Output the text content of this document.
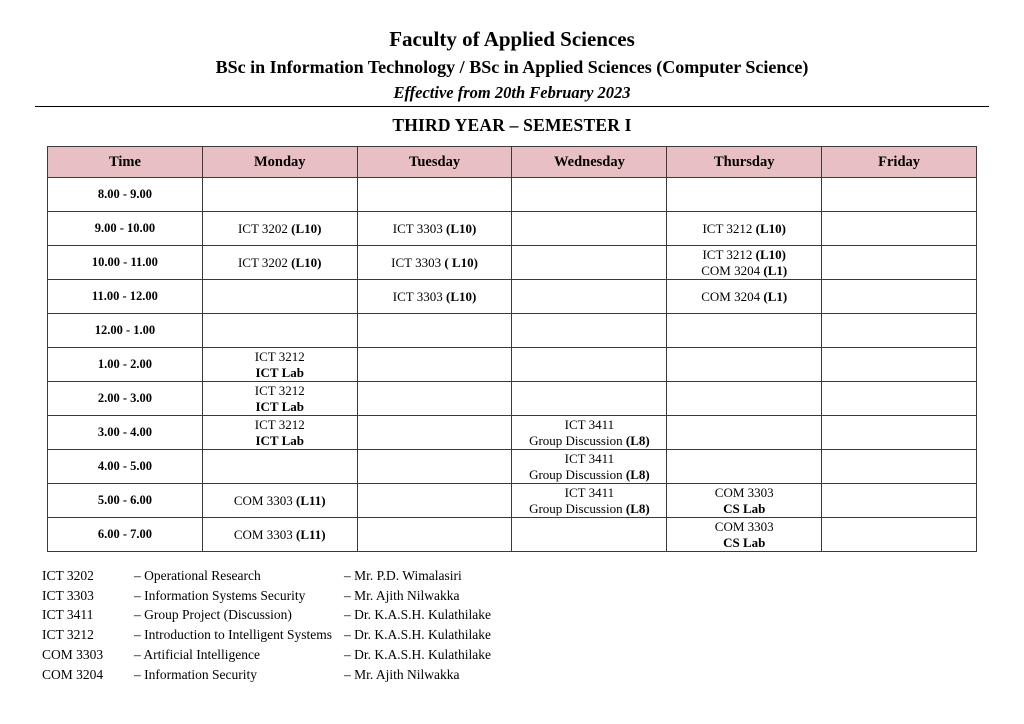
Faculty of Applied Sciences
BSc in Information Technology / BSc in Applied Sciences (Computer Science)
Effective from 20th February 2023
THIRD YEAR – SEMESTER I
Time	Monday	Tuesday	Wednesday	Thursday	Friday
8.00 - 9.00	

9.00 - 10.00	ICT 3202 (L10)	ICT 3303 (L10)		ICT 3212 (L10)	

10.00 - 11.00	ICT 3202 (L10)	ICT 3303 ( L10)		ICT 3212 (L10)
COM 3204 (L1)	

11.00 - 12.00		ICT 3303 (L10)		COM 3204 (L1)	

12.00 - 1.00	

1.00 - 2.00	ICT 3212
ICT Lab				

2.00 - 3.00	ICT 3212
ICT Lab				

3.00 - 4.00	ICT 3212
ICT Lab		ICT 3411
Group Discussion (L8)		

4.00 - 5.00			ICT 3411
Group Discussion (L8)		

5.00 - 6.00	COM 3303 (L11)		ICT 3411
Group Discussion (L8)	COM 3303
CS Lab	

6.00 - 7.00	COM 3303 (L11)			COM 3303
CS Lab	

ICT 3202	– Operational Research	– Mr. P.D. Wimalasiri
ICT 3303	– Information Systems Security	– Mr. Ajith Nilwakka
ICT 3411	– Group Project (Discussion)	– Dr. K.A.S.H. Kulathilake
ICT 3212	– Introduction to Intelligent Systems – Dr. K.A.S.H. Kulathilake
COM 3303	– Artificial Intelligence	– Dr. K.A.S.H. Kulathilake
COM 3204	– Information Security	– Mr. Ajith Nilwakka
